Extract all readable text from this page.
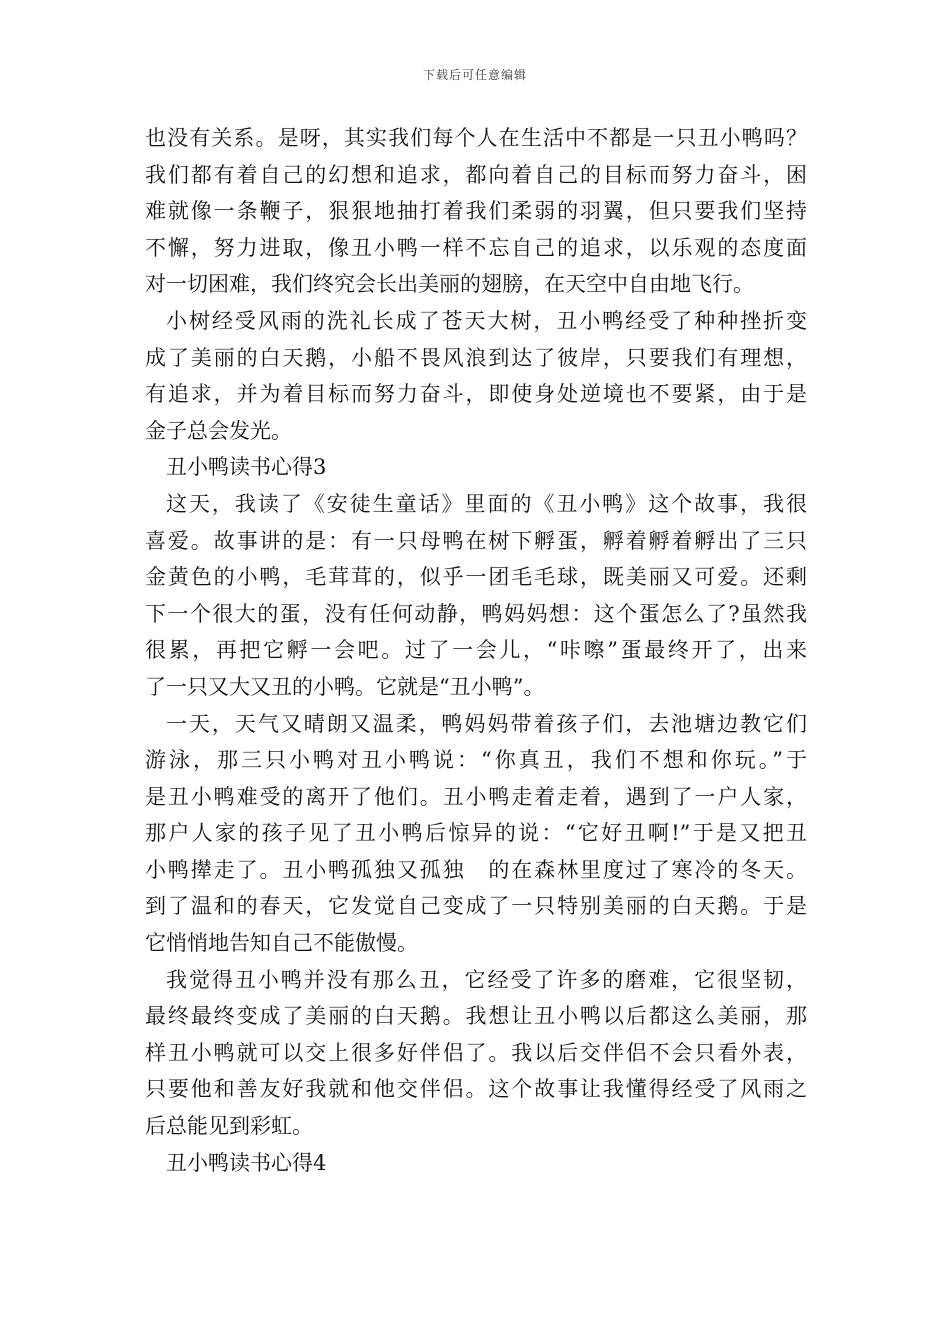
下载后可任意编辑
也没有关系。是呀，其实我们每个人在生活中不都是一只丑小鸭吗？
我们都有着自己的幻想和追求，都向着自己的目标而努力奋斗，困
难就像一条鞭子，狠狠地抽打着我们柔弱的羽翼，但只要我们坚持
不懈，努力进取，像丑小鸭一样不忘自己的追求，以乐观的态度面
对一切困难，我们终究会长出美丽的翅膀，在天空中自由地飞行。
小树经受风雨的洗礼长成了苍天大树，丑小鸭经受了种种挫折变
成了美丽的白天鹅，小船不畏风浪到达了彼岸，只要我们有理想，
有追求，并为着目标而努力奋斗，即使身处逆境也不要紧，由于是
金子总会发光。
丑小鸭读书心得3
这天，我读了《安徒生童话》里面的《丑小鸭》这个故事，我很
喜爱。故事讲的是：有一只母鸭在树下孵蛋，孵着孵着孵出了三只
金黄色的小鸭，毛茸茸的，似乎一团毛毛球，既美丽又可爱。还剩
下一个很大的蛋，没有任何动静，鸭妈妈想：这个蛋怎么了?虽然我
很累，再把它孵一会吧。过了一会儿，“咔嚓”蛋最终开了，出来
了一只又大又丑的小鸭。它就是“丑小鸭”。
一天，天气又晴朗又温柔，鸭妈妈带着孩子们，去池塘边教它们
游泳，那三只小鸭对丑小鸭说：“你真丑，我们不想和你玩。”于
是丑小鸭难受的离开了他们。丑小鸭走着走着，遇到了一户人家，
那户人家的孩子见了丑小鸭后惊异的说：“它好丑啊!”于是又把丑
小鸭撵走了。丑小鸭孤独又孤独　的在森林里度过了寒冷的冬天。
到了温和的春天，它发觉自己变成了一只特别美丽的白天鹅。于是
它悄悄地告知自己不能傲慢。
我觉得丑小鸭并没有那么丑，它经受了许多的磨难，它很坚韧，
最终最终变成了美丽的白天鹅。我想让丑小鸭以后都这么美丽，那
样丑小鸭就可以交上很多好伴侣了。我以后交伴侣不会只看外表，
只要他和善友好我就和他交伴侣。这个故事让我懂得经受了风雨之
后总能见到彩虹。
丑小鸭读书心得4
